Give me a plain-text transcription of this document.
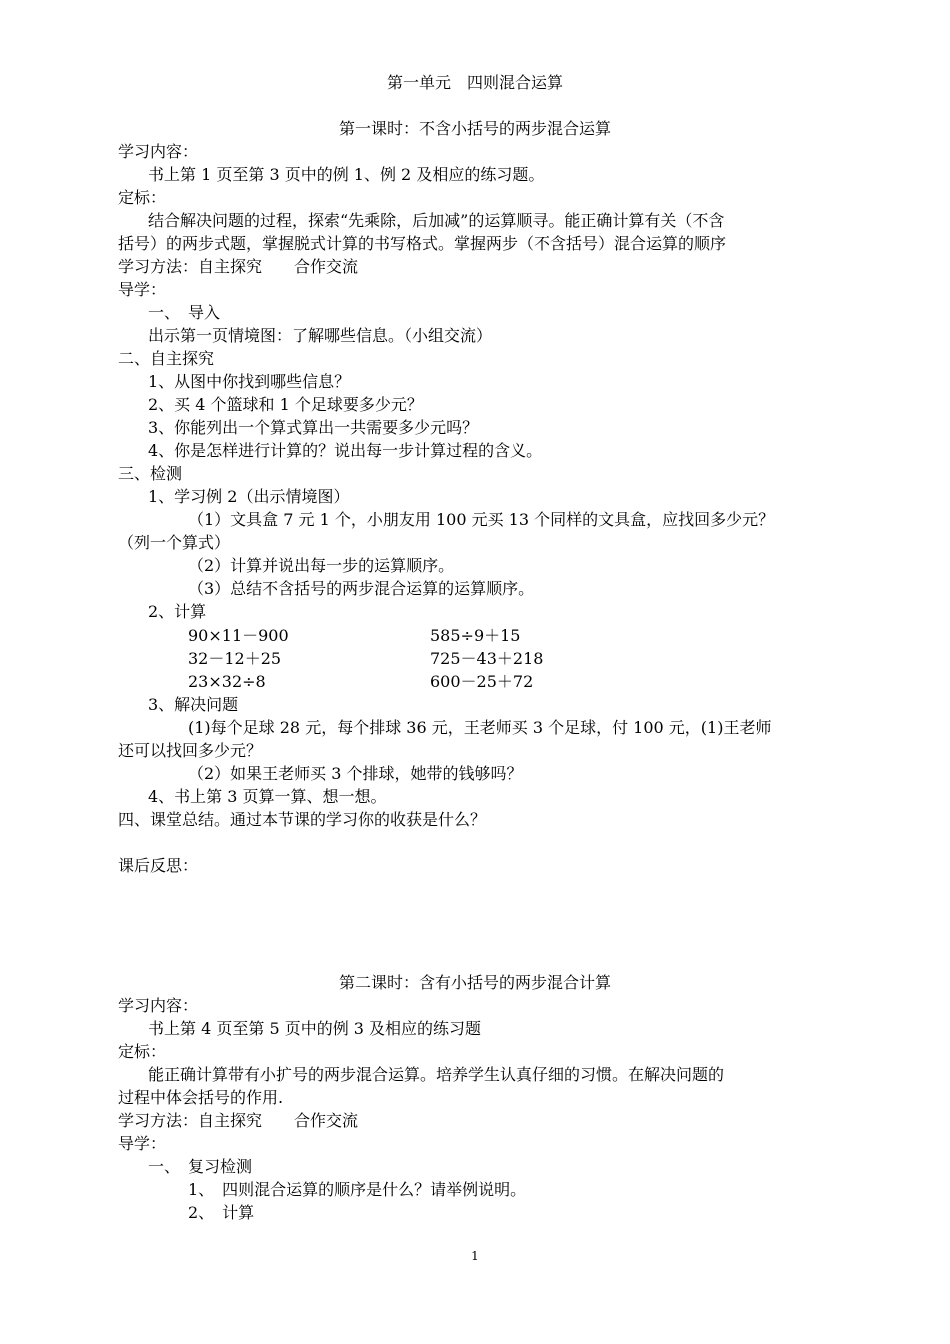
第一单元　四则混合运算
第一课时：不含小括号的两步混合运算
学习内容：
书上第 1 页至第 3 页中的例 1、例 2 及相应的练习题。
定标：
结合解决问题的过程，探索“先乘除，后加减”的运算顺寻。能正确计算有关（不含
括号）的两步式题，掌握脱式计算的书写格式。掌握两步（不含括号）混合运算的顺序
学习方法：自主探究　　合作交流
导学：
一、　导入
出示第一页情境图：了解哪些信息。（小组交流）
二、自主探究
1、从图中你找到哪些信息？
2、买 4 个篮球和 1 个足球要多少元？
3、你能列出一个算式算出一共需要多少元吗？
4、你是怎样进行计算的？说出每一步计算过程的含义。
三、检测
1、学习例 2（出示情境图）
（1）文具盒 7 元 1 个，小朋友用 100 元买 13 个同样的文具盒，应找回多少元？
（列一个算式）
（2）计算并说出每一步的运算顺序。
（3）总结不含括号的两步混合运算的运算顺序。
2、计算
90×11－900	585÷9＋15
32－12＋25	725－43＋218
23×32÷8	600－25＋72
3、解决问题
(1)每个足球 28 元，每个排球 36 元，王老师买 3 个足球，付 100 元，(1)王老师
还可以找回多少元？
（2）如果王老师买 3 个排球，她带的钱够吗？
4、书上第 3 页算一算、想一想。
四、课堂总结。通过本节课的学习你的收获是什么？
课后反思：
第二课时：含有小括号的两步混合计算
学习内容：
书上第 4 页至第 5 页中的例 3 及相应的练习题
定标：
能正确计算带有小扩号的两步混合运算。培养学生认真仔细的习惯。在解决问题的
过程中体会括号的作用.
学习方法：自主探究　　合作交流
导学：
一、　复习检测
1、　四则混合运算的顺序是什么？请举例说明。
2、　计算
1
